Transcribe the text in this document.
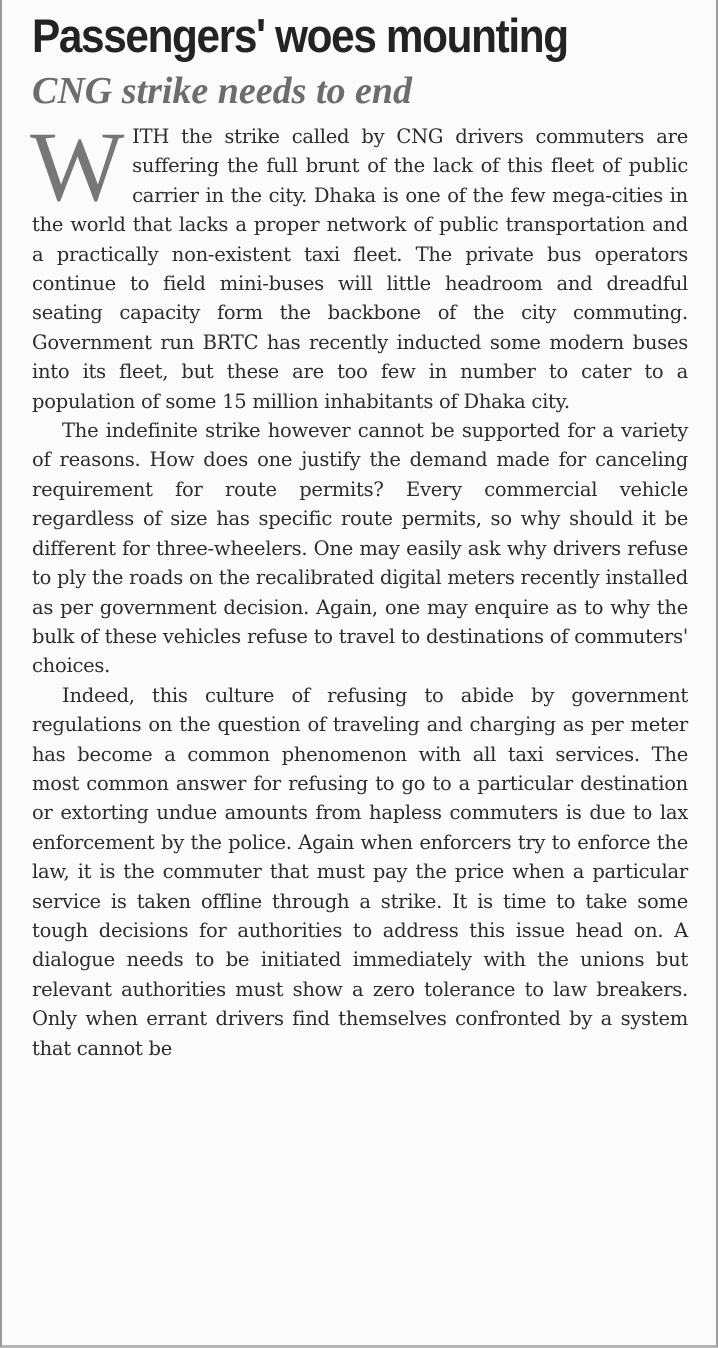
Passengers' woes mounting
CNG strike needs to end

WITH the strike called by CNG drivers commuters are suffering the full brunt of the lack of this fleet of public carrier in the city. Dhaka is one of the few mega-cities in the world that lacks a proper network of public transportation and a practically non-existent taxi fleet. The private bus operators continue to field mini-buses will little headroom and dreadful seating capacity form the backbone of the city commuting. Government run BRTC has recently inducted some modern buses into its fleet, but these are too few in number to cater to a population of some 15 million inhabitants of Dhaka city.

The indefinite strike however cannot be supported for a variety of reasons. How does one justify the demand made for canceling requirement for route permits? Every commercial vehicle regardless of size has specific route permits, so why should it be different for three-wheelers. One may easily ask why drivers refuse to ply the roads on the recalibrated digital meters recently installed as per government decision. Again, one may enquire as to why the bulk of these vehicles refuse to travel to destinations of commuters' choices.

Indeed, this culture of refusing to abide by government regulations on the question of traveling and charging as per meter has become a common phenomenon with all taxi services. The most common answer for refusing to go to a particular destination or extorting undue amounts from hapless commuters is due to lax enforcement by the police. Again when enforcers try to enforce the law, it is the commuter that must pay the price when a particular service is taken offline through a strike. It is time to take some tough decisions for authorities to address this issue head on. A dialogue needs to be initiated immediately with the unions but relevant authorities must show a zero tolerance to law breakers. Only when errant drivers find themselves confronted by a system that cannot be
